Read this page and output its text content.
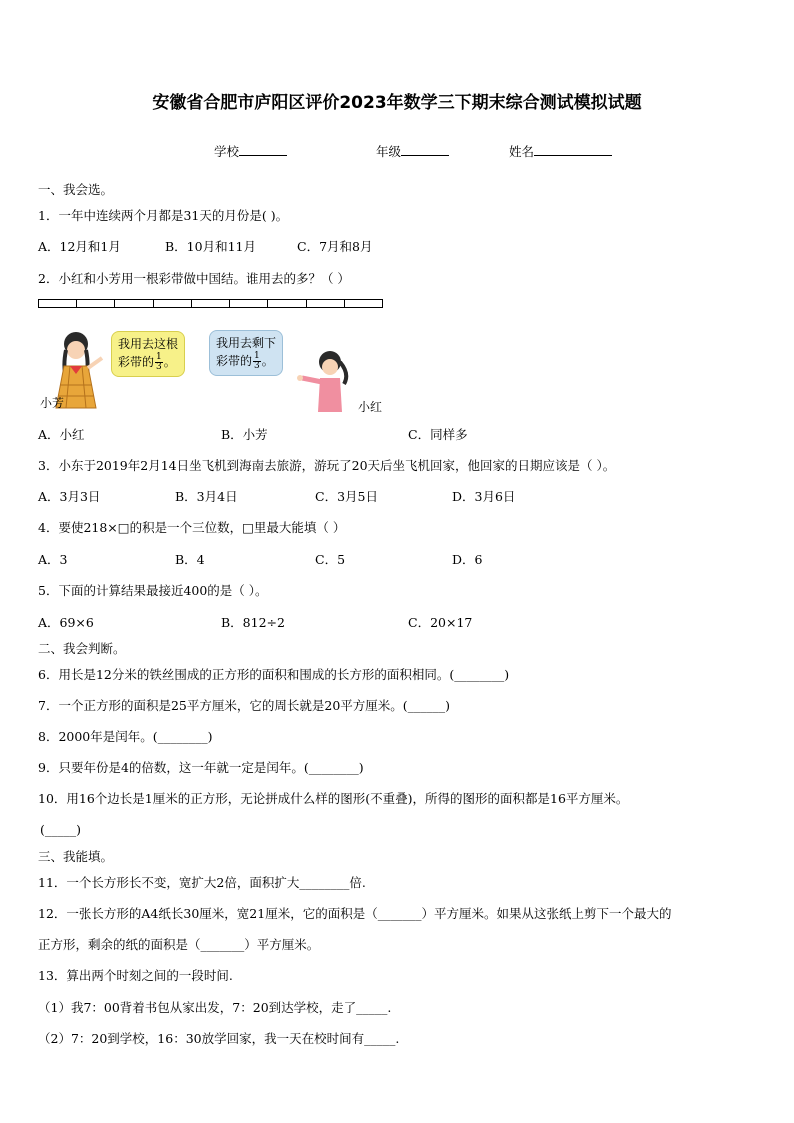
安徽省合肥市庐阳区评价2023年数学三下期末综合测试模拟试题
学校	年级	姓名
一、我会选。
1．一年中连续两个月都是31天的月份是( )。
A．12月和1月	B．10月和11月	C．7月和8月
2．小红和小芳用一根彩带做中国结。谁用去的多？（ ）
小芳
我用去这根
彩带的 $\frac{1}{3}$ 。
我用去剩下
彩带的 $\frac{1}{3}$ 。
小红
A．小红	B．小芳	C．同样多
3．小东于2019年2月14日坐飞机到海南去旅游，游玩了20天后坐飞机回家，他回家的日期应该是（ ）。
A．3月3日	B．3月4日	C．3月5日	D．3月6日
4．要使218×□的积是一个三位数，□里最大能填（ ）
A．3	B．4	C．5	D．6
5．下面的计算结果最接近400的是（ ）。
A．69×6	B．812÷2	C．20×17
二、我会判断。
6．用长是12分米的铁丝围成的正方形的面积和围成的长方形的面积相同。(________)
7．一个正方形的面积是25平方厘米，它的周长就是20平方厘米。(______)
8．2000年是闰年。(________)
9．只要年份是4的倍数，这一年就一定是闰年。(________)
10．用16个边长是1厘米的正方形，无论拼成什么样的图形(不重叠)，所得的图形的面积都是16平方厘米。
(_____)
三、我能填。
11．一个长方形长不变，宽扩大2倍，面积扩大________倍.
12．一张长方形的A4纸长30厘米，宽21厘米，它的面积是（_______）平方厘米。如果从这张纸上剪下一个最大的
正方形，剩余的纸的面积是（_______）平方厘米。
13．算出两个时刻之间的一段时间.
（1）我7：00背着书包从家出发，7：20到达学校，走了_____.
（2）7：20到学校，16：30放学回家，我一天在校时间有_____.
